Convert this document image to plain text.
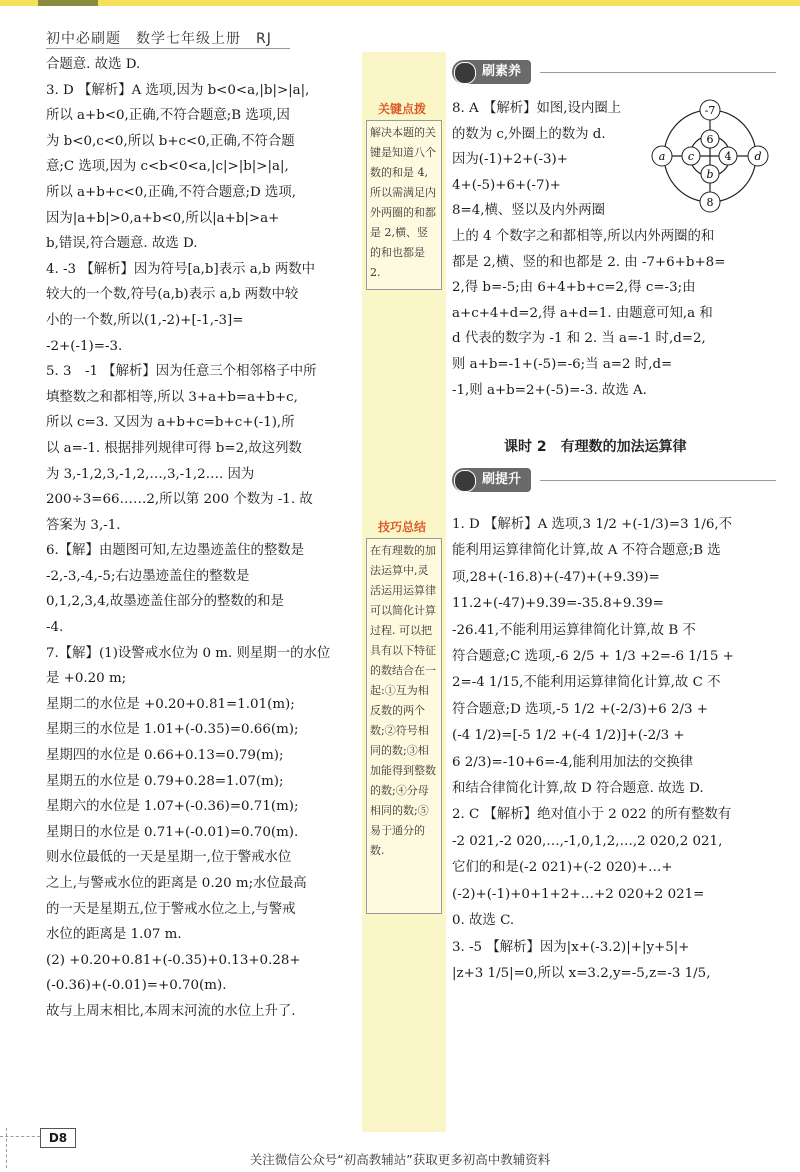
初中必刷题　数学七年级上册　RJ

合题意. 故选 D.

3. D 【解析】A 选项,因为 b<0<a,|b|>|a|,

所以 a+b<0,正确,不符合题意;B 选项,因

为 b<0,c<0,所以 b+c<0,正确,不符合题

意;C 选项,因为 c<b<0<a,|c|>|b|>|a|,

所以 a+b+c<0,正确,不符合题意;D 选项,

因为|a+b|>0,a+b<0,所以|a+b|>a+

b,错误,符合题意. 故选 D.

4. -3 【解析】因为符号[a,b]表示 a,b 两数中

较大的一个数,符号(a,b)表示 a,b 两数中较

小的一个数,所以(1,-2)+[-1,-3]=

-2+(-1)=-3.

5. 3　-1 【解析】因为任意三个相邻格子中所

填整数之和都相等,所以 3+a+b=a+b+c,

所以 c=3. 又因为 a+b+c=b+c+(-1),所

以 a=-1. 根据排列规律可得 b=2,故这列数

为 3,-1,2,3,-1,2,…,3,-1,2…. 因为

200÷3=66……2,所以第 200 个数为 -1. 故

答案为 3,-1.

6.【解】由题图可知,左边墨迹盖住的整数是

-2,-3,-4,-5;右边墨迹盖住的整数是

0,1,2,3,4,故墨迹盖住部分的整数的和是

-4.

7.【解】(1)设警戒水位为 0 m. 则星期一的水位

是 +0.20 m;

星期二的水位是 +0.20+0.81=1.01(m);

星期三的水位是 1.01+(-0.35)=0.66(m);

星期四的水位是 0.66+0.13=0.79(m);

星期五的水位是 0.79+0.28=1.07(m);

星期六的水位是 1.07+(-0.36)=0.71(m);

星期日的水位是 0.71+(-0.01)=0.70(m).

则水位最低的一天是星期一,位于警戒水位

之上,与警戒水位的距离是 0.20 m;水位最高

的一天是星期五,位于警戒水位之上,与警戒

水位的距离是 1.07 m.

(2) +0.20+0.81+(-0.35)+0.13+0.28+

(-0.36)+(-0.01)=+0.70(m).

故与上周末相比,本周末河流的水位上升了.

关键点拨
解决本题的关键是知道八个数的和是 4,所以需满足内外两圈的和都是 2,横、竖的和也都是 2.
技巧总结
在有理数的加法运算中,灵活运用运算律可以简化计算过程. 可以把具有以下特征的数结合在一起:①互为相反数的两个数;②符号相同的数;③相加能得到整数的数;④分母相同的数;⑤易于通分的数.
刷素养
-7
6
a c	4 d
b
8

8. A 【解析】如图,设内圈上

的数为 c,外圈上的数为 d.

因为(-1)+2+(-3)+

4+(-5)+6+(-7)+

8=4,横、竖以及内外两圈

上的 4 个数字之和都相等,所以内外两圈的和

都是 2,横、竖的和也都是 2. 由 -7+6+b+8=

2,得 b=-5;由 6+4+b+c=2,得 c=-3;由

a+c+4+d=2,得 a+d=1. 由题意可知,a 和

d 代表的数字为 -1 和 2. 当 a=-1 时,d=2,

则 a+b=-1+(-5)=-6;当 a=2 时,d=

-1,则 a+b=2+(-5)=-3. 故选 A.

课时 2　有理数的加法运算律
刷提升

1. D 【解析】A 选项,3 1/2 +(-1/3)=3 1/6,不

能利用运算律简化计算,故 A 不符合题意;B 选

项,28+(-16.8)+(-47)+(+9.39)=

11.2+(-47)+9.39=-35.8+9.39=

-26.41,不能利用运算律简化计算,故 B 不

符合题意;C 选项,-6 2/5 + 1/3 +2=-6 1/15 +

2=-4 1/15,不能利用运算律简化计算,故 C 不

符合题意;D 选项,-5 1/2 +(-2/3)+6 2/3 +

(-4 1/2)=[-5 1/2 +(-4 1/2)]+(-2/3 +

6 2/3)=-10+6=-4,能利用加法的交换律

和结合律简化计算,故 D 符合题意. 故选 D.

2. C 【解析】绝对值小于 2 022 的所有整数有

-2 021,-2 020,…,-1,0,1,2,…,2 020,2 021,

它们的和是(-2 021)+(-2 020)+…+

(-2)+(-1)+0+1+2+…+2 020+2 021=

0. 故选 C.

3. -5 【解析】因为|x+(-3.2)|+|y+5|+

|z+3 1/5|=0,所以 x=3.2,y=-5,z=-3 1/5,

D8
关注微信公众号“初高教辅站”获取更多初高中教辅资料
